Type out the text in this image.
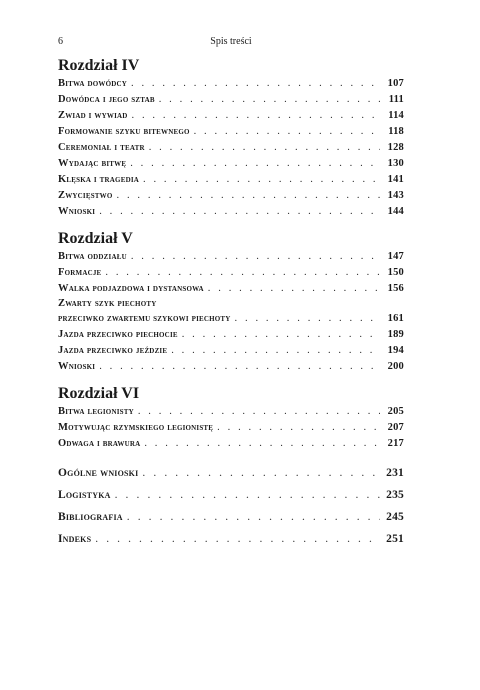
6	Spis treści
Rozdział IV
Bitwa dowódcy . . .	107
Dowódca i jego sztab . . .	111
Zwiad i wywiad . . .	114
Formowanie szyku bitewnego . . .	118
Ceremoniał i teatr . . .	128
Wydając bitwę . . .	130
Klęska i tragedia . . .	141
Zwycięstwo . . .	143
Wnioski . . .	144
Rozdział V
Bitwa oddziału . . .	147
Formacje . . .	150
Walka podjazdowa i dystansowa . . .	156
Zwarty szyk piechoty
przeciwko zwartemu szykowi piechoty . . .	161
Jazda przeciwko piechocie . . .	189
Jazda przeciwko jeździe . . .	194
Wnioski . . .	200
Rozdział VI
Bitwa legionisty . . .	205
Motywując rzymskiego legionistę . . .	207
Odwaga i brawura . . .	217
Ogólne wnioski . . .	231
Logistyka . . .	235
Bibliografia . . .	245
Indeks . . .	251
